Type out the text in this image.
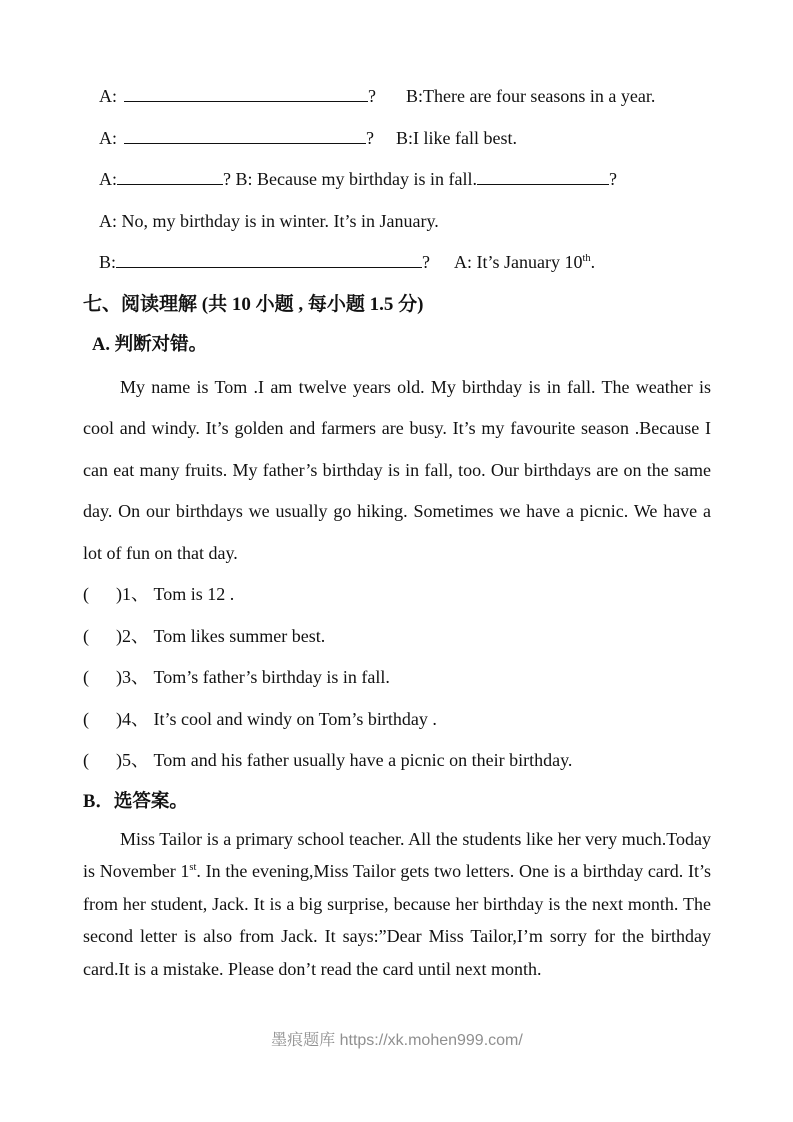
A:	? B:There are four seasons in a year.
A:	? B:I like fall best.
A:	? B: Because my birthday is in fall.	?
A: No, my birthday is in winter. It’s in January.
B:	? A: It’s January 10th.
七、阅读理解 (共 10 小题 , 每小题 1.5 分)
A. 判断对错。

My name is Tom .I am twelve years old. My birthday is in fall. The weather is cool and windy. It’s golden and farmers are busy. It’s my favourite season .Because I can eat many fruits. My father’s birthday is in fall, too. Our birthdays are on the same day. On our birthdays we usually go hiking. Sometimes we have a picnic. We have a lot of fun on that day.

(      )1、 Tom is 12 .
(      )2、 Tom likes summer best.
(      )3、 Tom’s father’s birthday is in fall.
(      )4、 It’s cool and windy on Tom’s birthday .
(      )5、 Tom and his father usually have a picnic on their birthday.
B．选答案。

Miss Tailor is a primary school teacher. All the students like her very much.Today is November 1st. In the evening,Miss Tailor gets two letters. One is a birthday card. It’s from her student, Jack. It is a big surprise, because her birthday is the next month. The second letter is also from Jack. It says:”Dear Miss Tailor,I’m sorry for the birthday card.It is a mistake. Please don’t read the card until next month.

墨痕题库 https://xk.mohen999.com/
